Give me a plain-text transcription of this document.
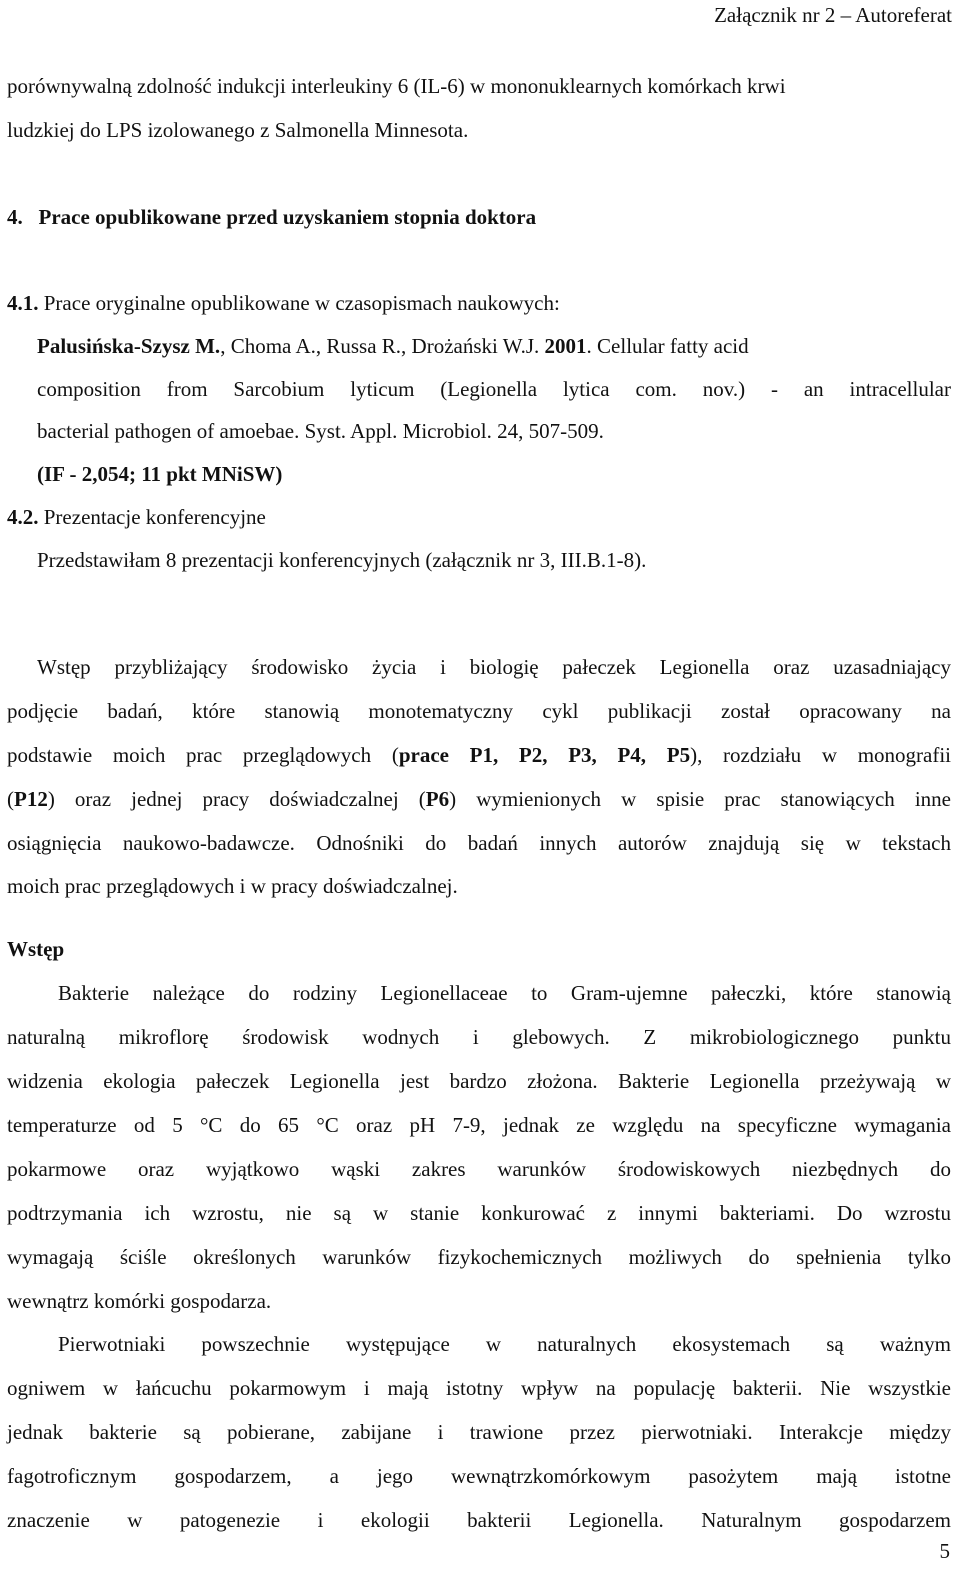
Załącznik nr 2 – Autoreferat
porównywalną zdolność indukcji interleukiny 6 (IL-6) w mononuklearnych komórkach krwi
ludzkiej do LPS izolowanego z Salmonella Minnesota.
4. Prace opublikowane przed uzyskaniem stopnia doktora
4.1. Prace oryginalne opublikowane w czasopismach naukowych:
Palusińska-Szysz M., Choma A., Russa R., Drożański W.J. 2001. Cellular fatty acid
composition from Sarcobium lyticum (Legionella lytica com. nov.) - an intracellular
bacterial pathogen of amoebae. Syst. Appl. Microbiol. 24, 507-509.
(IF - 2,054; 11 pkt MNiSW)
4.2. Prezentacje konferencyjne
Przedstawiłam 8 prezentacji konferencyjnych (załącznik nr 3, III.B.1-8).
Wstęp przybliżający środowisko życia i biologię pałeczek Legionella oraz uzasadniający
podjęcie badań, które stanowią monotematyczny cykl publikacji został opracowany na
podstawie moich prac przeglądowych (prace P1, P2, P3, P4, P5), rozdziału w monografii
(P12) oraz jednej pracy doświadczalnej (P6) wymienionych w spisie prac stanowiących inne
osiągnięcia naukowo-badawcze. Odnośniki do badań innych autorów znajdują się w tekstach
moich prac przeglądowych i w pracy doświadczalnej.
Wstęp
Bakterie należące do rodziny Legionellaceae to Gram-ujemne pałeczki, które stanowią
naturalną mikroflorę środowisk wodnych i glebowych. Z mikrobiologicznego punktu
widzenia ekologia pałeczek Legionella jest bardzo złożona. Bakterie Legionella przeżywają w
temperaturze od 5 °C do 65 °C oraz pH 7-9, jednak ze względu na specyficzne wymagania
pokarmowe oraz wyjątkowo wąski zakres warunków środowiskowych niezbędnych do
podtrzymania ich wzrostu, nie są w stanie konkurować z innymi bakteriami. Do wzrostu
wymagają ściśle określonych warunków fizykochemicznych możliwych do spełnienia tylko
wewnątrz komórki gospodarza.
Pierwotniaki powszechnie występujące w naturalnych ekosystemach są ważnym
ogniwem w łańcuchu pokarmowym i mają istotny wpływ na populację bakterii. Nie wszystkie
jednak bakterie są pobierane, zabijane i trawione przez pierwotniaki. Interakcje między
fagotroficznym gospodarzem, a jego wewnątrzkomórkowym pasożytem mają istotne
znaczenie w patogenezie i ekologii bakterii Legionella. Naturalnym gospodarzem
5
